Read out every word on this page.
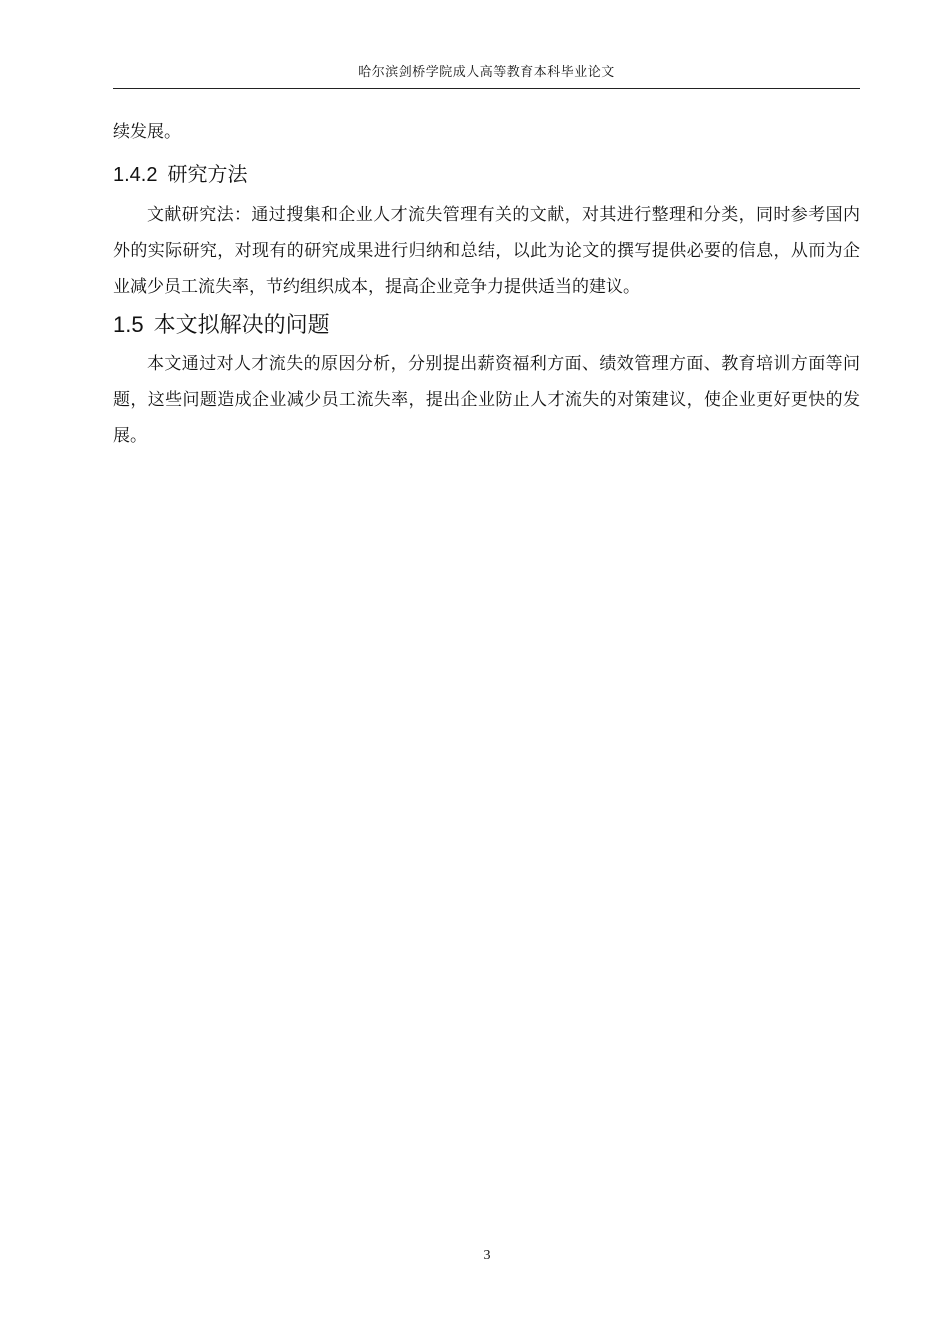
哈尔滨剑桥学院成人高等教育本科毕业论文

续发展。

1.4.2 研究方法

文献研究法：通过搜集和企业人才流失管理有关的文献，对其进行整理和分类，同时参考国内外的实际研究，对现有的研究成果进行归纳和总结，以此为论文的撰写提供必要的信息，从而为企业减少员工流失率，节约组织成本，提高企业竞争力提供适当的建议。

1.5 本文拟解决的问题

本文通过对人才流失的原因分析，分别提出薪资福利方面、绩效管理方面、教育培训方面等问题，这些问题造成企业减少员工流失率，提出企业防止人才流失的对策建议，使企业更好更快的发展。

3
